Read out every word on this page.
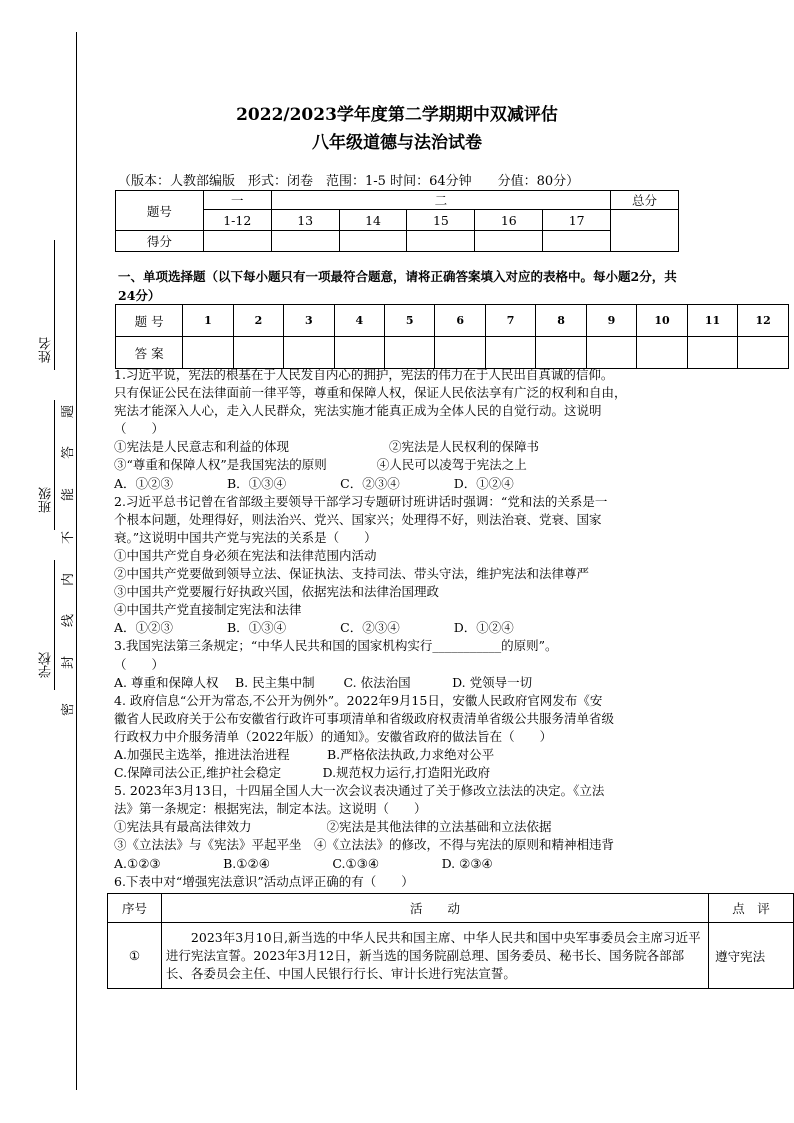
姓名
班级
学校
题
答
能
不
内
线
封
密
2022/2023学年度第二学期期中双减评估
八年级道德与法治试卷
（版本：人教部编版　形式：闭卷　范围：1-5 时间：64分钟　　分值：80分）
题号	一	二					总分
	1-12	13	14	15	16	17	
得分							
一、单项选择题（以下每小题只有一项最符合题意，请将正确答案填入对应的表格中。每小题2分，共24分）
题 号	1	2	3	4	5	6	7	8	9	10	11	12
答 案												
1.习近平说，宪法的根基在于人民发自内心的拥护，宪法的伟力在于人民出自真诚的信仰。
只有保证公民在法律面前一律平等，尊重和保障人权，保证人民依法享有广泛的权利和自由，
宪法才能深入人心，走入人民群众，宪法实施才能真正成为全体人民的自觉行动。这说明
（　　）
①宪法是人民意志和利益的体现　　　　　　　　②宪法是人民权利的保障书
③“尊重和保障人权”是我国宪法的原则　　　　④人民可以凌驾于宪法之上
A．①②③　　　　 B．①③④　　　　 C．②③④　　　　 D．①②④
2.习近平总书记曾在省部级主要领导干部学习专题研讨班讲话时强调：“党和法的关系是一
个根本问题，处理得好，则法治兴、党兴、国家兴；处理得不好，则法治衰、党衰、国家
衰。”这说明中国共产党与宪法的关系是（　　）
①中国共产党自身必须在宪法和法律范围内活动
②中国共产党要做到领导立法、保证执法、支持司法、带头守法，维护宪法和法律尊严
③中国共产党要履行好执政兴国，依据宪法和法律治国理政
④中国共产党直接制定宪法和法律
A．①②③　　　　 B．①③④　　　　 C．②③④　　　　 D．①②④
3.我国宪法第三条规定；“中华人民共和国的国家机构实行___________的原则”。
（　　）
A. 尊重和保障人权　 B. 民主集中制　　 C. 依法治国　　　 D. 党领导一切
4. 政府信息“公开为常态,不公开为例外”。2022年9月15日，安徽人民政府官网发布《安
徽省人民政府关于公布安徽省行政许可事项清单和省级政府权责清单省级公共服务清单省级
行政权力中介服务清单（2022年版）的通知》。安徽省政府的做法旨在（　　）
A.加强民主选举，推进法治进程　　　B.严格依法执政,力求绝对公平
C.保障司法公正,维护社会稳定　　　 D.规范权力运行,打造阳光政府
5. 2023年3月13日，十四届全国人大一次会议表决通过了关于修改立法法的决定。《立法
法》第一条规定：根据宪法，制定本法。这说明（　　）
①宪法具有最高法律效力　　　　　　②宪法是其他法律的立法基础和立法依据
③《立法法》与《宪法》平起平坐　④《立法法》的修改，不得与宪法的原则和精神相违背
A.①②③　　　　　B.①②④　　　　　C.①③④　　　　　D. ②③④
6.下表中对“增强宪法意识”活动点评正确的有（　　）
序号	活　　动	点　评
①	　　2023年3月10日,新当选的中华人民共和国主席、中华人民共和国中央军事委员会主席习近平进行宪法宣誓。2023年3月12日，新当选的国务院副总理、国务委员、秘书长、国务院各部部长、各委员会主任、中国人民银行行长、审计长进行宪法宣誓。	遵守宪法
